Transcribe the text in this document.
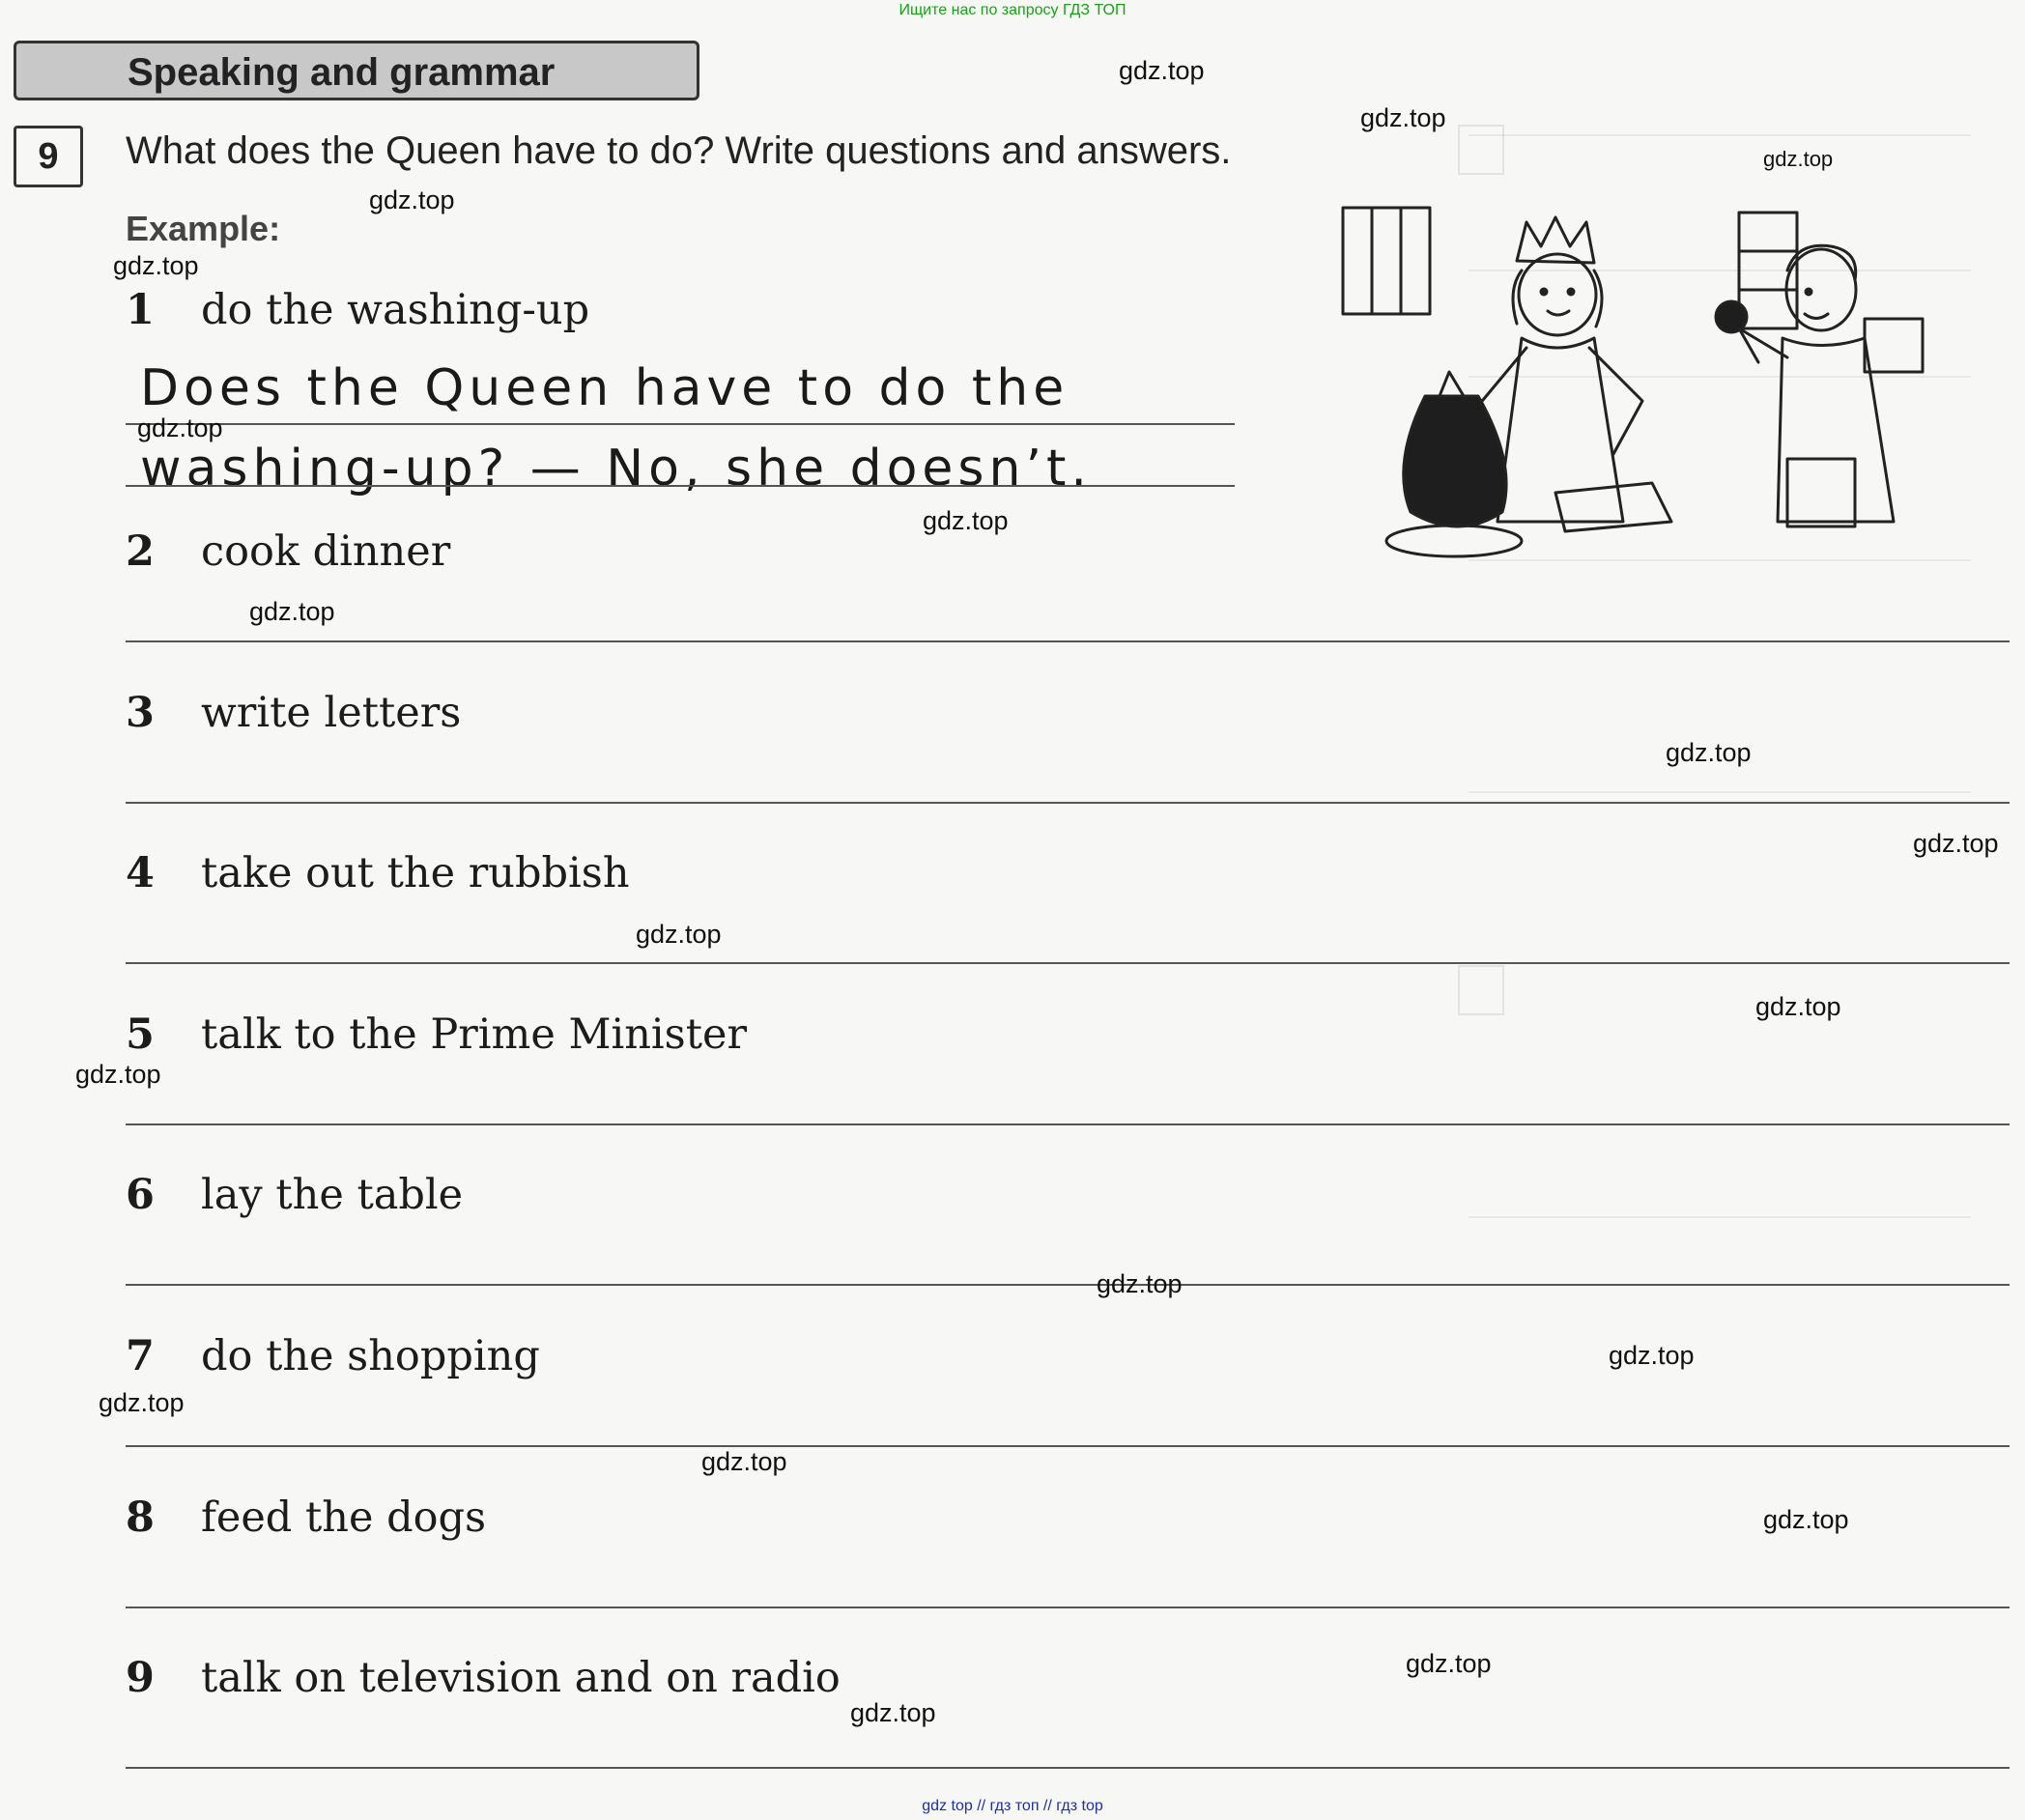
Ищите нас по запросу ГДЗ ТОП
Speaking and grammar
9	What does the Queen have to do? Write questions and answers.
Example:
1 do the washing-up
Does the Queen have to do the
washing-up? — No, she doesn’t.
2 cook dinner
3 write letters
4 take out the rubbish
5 talk to the Prime Minister
6 lay the table
7 do the shopping
8 feed the dogs
9 talk on television and on radio
gdz.top
gdz.top
gdz.top
gdz.top
gdz.top
gdz.top
gdz.top
gdz.top
gdz.top
gdz.top
gdz.top
gdz.top
gdz.top
gdz.top
gdz.top
gdz.top
gdz.top
gdz.top
gdz.top
gdz.top
gdz top // гдз топ // гдз top
